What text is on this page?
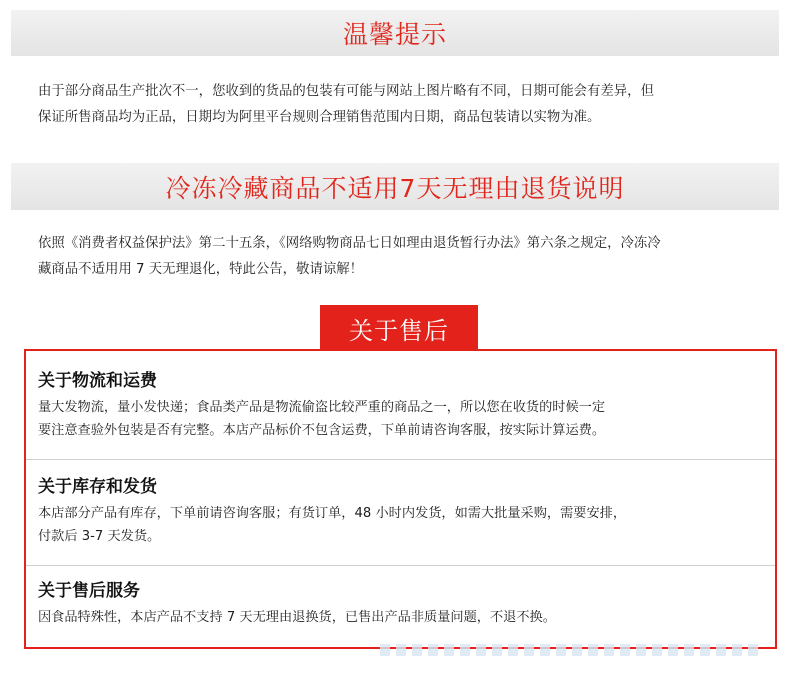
温馨提示
由于部分商品生产批次不一，您收到的货品的包装有可能与网站上图片略有不同，日期可能会有差异，但
保证所售商品均为正品，日期均为阿里平台规则合理销售范围内日期，商品包装请以实物为准。
冷冻冷藏商品不适用7天无理由退货说明
依照《消费者权益保护法》第二十五条，《网络购物商品七日如理由退货暂行办法》第六条之规定，冷冻冷
藏商品不适用用 7 天无理退化，特此公告，敬请谅解！
关于物流和运费
量大发物流，量小发快递；食品类产品是物流偷盗比较严重的商品之一，所以您在收货的时候一定
要注意查验外包装是否有完整。本店产品标价不包含运费，下单前请咨询客服，按实际计算运费。
关于库存和发货
本店部分产品有库存，下单前请咨询客服；有货订单，48 小时内发货，如需大批量采购，需要安排，
付款后 3-7 天发货。
关于售后服务
因食品特殊性，本店产品不支持 7 天无理由退换货，已售出产品非质量问题，不退不换。
关于售后
